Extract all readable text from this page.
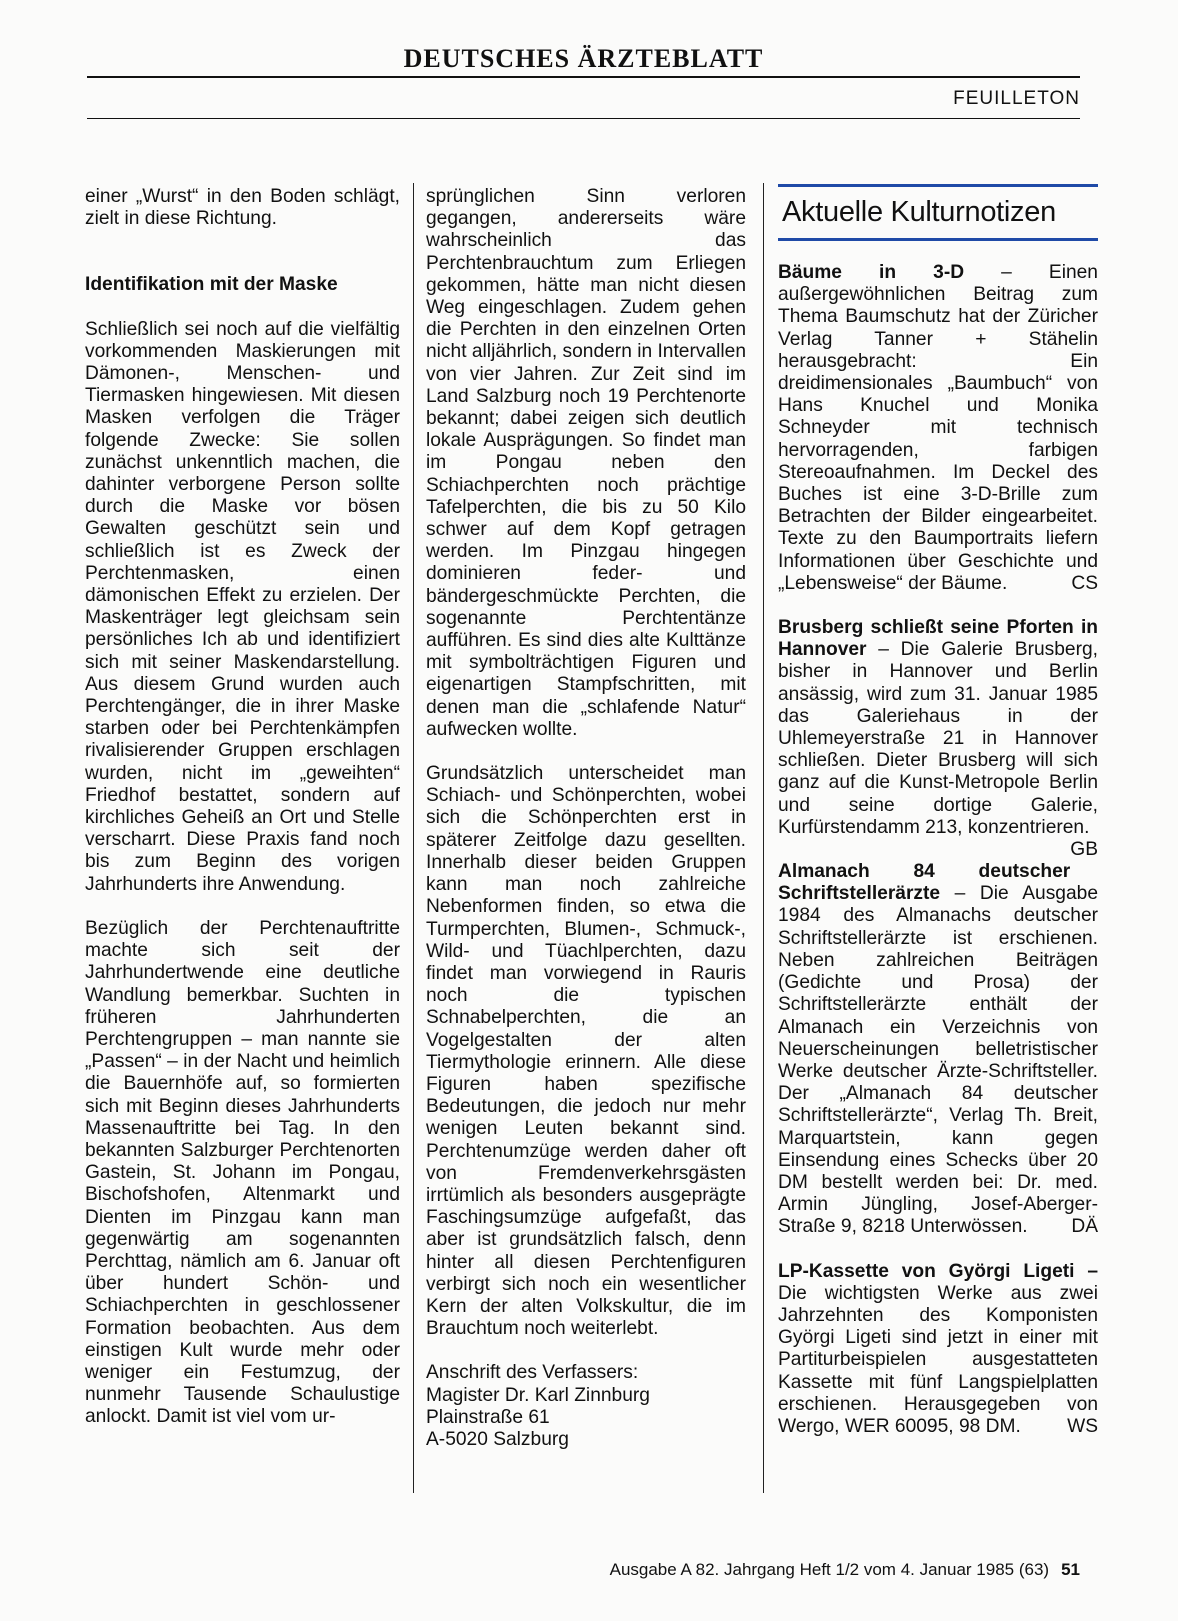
DEUTSCHES ÄRZTEBLATT
FEUILLETON

einer „Wurst“ in den Boden schlägt, zielt in diese Richtung.

Identifikation mit der Maske

Schließlich sei noch auf die vielfältig vorkommenden Maskierungen mit Dämonen-, Menschen- und Tiermasken hingewiesen. Mit diesen Masken verfolgen die Träger folgende Zwecke: Sie sollen zunächst unkenntlich machen, die dahinter verborgene Person sollte durch die Maske vor bösen Gewalten geschützt sein und schließlich ist es Zweck der Perchtenmasken, einen dämonischen Effekt zu erzielen. Der Maskenträger legt gleichsam sein persönliches Ich ab und identifiziert sich mit seiner Maskendarstellung. Aus diesem Grund wurden auch Perchtengänger, die in ihrer Maske starben oder bei Perchtenkämpfen rivalisierender Gruppen erschlagen wurden, nicht im „geweihten“ Friedhof bestattet, sondern auf kirchliches Geheiß an Ort und Stelle verscharrt. Diese Praxis fand noch bis zum Beginn des vorigen Jahrhunderts ihre Anwendung.

Bezüglich der Perchtenauftritte machte sich seit der Jahrhundertwende eine deutliche Wandlung bemerkbar. Suchten in früheren Jahrhunderten Perchtengruppen – man nannte sie „Passen“ – in der Nacht und heimlich die Bauernhöfe auf, so formierten sich mit Beginn dieses Jahrhunderts Massenauftritte bei Tag. In den bekannten Salzburger Perchtenorten Gastein, St. Johann im Pongau, Bischofshofen, Altenmarkt und Dienten im Pinzgau kann man gegenwärtig am sogenannten Perchttag, nämlich am 6. Januar oft über hundert Schön- und Schiachperchten in geschlossener Formation beobachten. Aus dem einstigen Kult wurde mehr oder weniger ein Festumzug, der nunmehr Tausende Schaulustige anlockt. Damit ist viel vom ur-

sprünglichen Sinn verloren gegangen, andererseits wäre wahrscheinlich das Perchtenbrauchtum zum Erliegen gekommen, hätte man nicht diesen Weg eingeschlagen. Zudem gehen die Perchten in den einzelnen Orten nicht alljährlich, sondern in Intervallen von vier Jahren. Zur Zeit sind im Land Salzburg noch 19 Perchtenorte bekannt; dabei zeigen sich deutlich lokale Ausprägungen. So findet man im Pongau neben den Schiachperchten noch prächtige Tafelperchten, die bis zu 50 Kilo schwer auf dem Kopf getragen werden. Im Pinzgau hingegen dominieren feder- und bändergeschmückte Perchten, die sogenannte Perchtentänze aufführen. Es sind dies alte Kulttänze mit symbolträchtigen Figuren und eigenartigen Stampfschritten, mit denen man die „schlafende Natur“ aufwecken wollte.

Grundsätzlich unterscheidet man Schiach- und Schönperchten, wobei sich die Schönperchten erst in späterer Zeitfolge dazu gesellten. Innerhalb dieser beiden Gruppen kann man noch zahlreiche Nebenformen finden, so etwa die Turmperchten, Blumen-, Schmuck-, Wild- und Tüachlperchten, dazu findet man vorwiegend in Rauris noch die typischen Schnabelperchten, die an Vogelgestalten der alten Tiermythologie erinnern. Alle diese Figuren haben spezifische Bedeutungen, die jedoch nur mehr wenigen Leuten bekannt sind. Perchtenumzüge werden daher oft von Fremdenverkehrsgästen irrtümlich als besonders ausgeprägte Faschingsumzüge aufgefaßt, das aber ist grundsätzlich falsch, denn hinter all diesen Perchtenfiguren verbirgt sich noch ein wesentlicher Kern der alten Volkskultur, die im Brauchtum noch weiterlebt.

Anschrift des Verfassers:
Magister Dr. Karl Zinnburg
Plainstraße 61
A-5020 Salzburg
Aktuelle Kulturnotizen

Bäume in 3-D – Einen außergewöhnlichen Beitrag zum Thema Baumschutz hat der Züricher Verlag Tanner + Stähelin herausgebracht: Ein dreidimensionales „Baumbuch“ von Hans Knuchel und Monika Schneyder mit technisch hervorragenden, farbigen Stereoaufnahmen. Im Deckel des Buches ist eine 3-D-Brille zum Betrachten der Bilder eingearbeitet. Texte zu den Baumportraits liefern Informationen über Geschichte und „Lebensweise“ der Bäume.	CS

Brusberg schließt seine Pforten in Hannover – Die Galerie Brusberg, bisher in Hannover und Berlin ansässig, wird zum 31. Januar 1985 das Galeriehaus in der Uhlemeyerstraße 21 in Hannover schließen. Dieter Brusberg will sich ganz auf die Kunst-Metropole Berlin und seine dortige Galerie, Kurfürstendamm 213, konzentrieren.
GB

Almanach 84 deutscher Schriftstellerärzte – Die Ausgabe 1984 des Almanachs deutscher Schriftstellerärzte ist erschienen. Neben zahlreichen Beiträgen (Gedichte und Prosa) der Schriftstellerärzte enthält der Almanach ein Verzeichnis von Neuerscheinungen belletristischer Werke deutscher Ärzte-Schriftsteller. Der „Almanach 84 deutscher Schriftstellerärzte“, Verlag Th. Breit, Marquartstein, kann gegen Einsendung eines Schecks über 20 DM bestellt werden bei: Dr. med. Armin Jüngling, Josef-Aberger-Straße 9, 8218 Unterwössen. DÄ

LP-Kassette von Györgi Ligeti – Die wichtigsten Werke aus zwei Jahrzehnten des Komponisten Györgi Ligeti sind jetzt in einer mit Partiturbeispielen ausgestatteten Kassette mit fünf Langspielplatten erschienen. Herausgegeben von Wergo, WER 60095, 98 DM. WS

Ausgabe A 82. Jahrgang Heft 1/2 vom 4. Januar 1985 (63) 51
